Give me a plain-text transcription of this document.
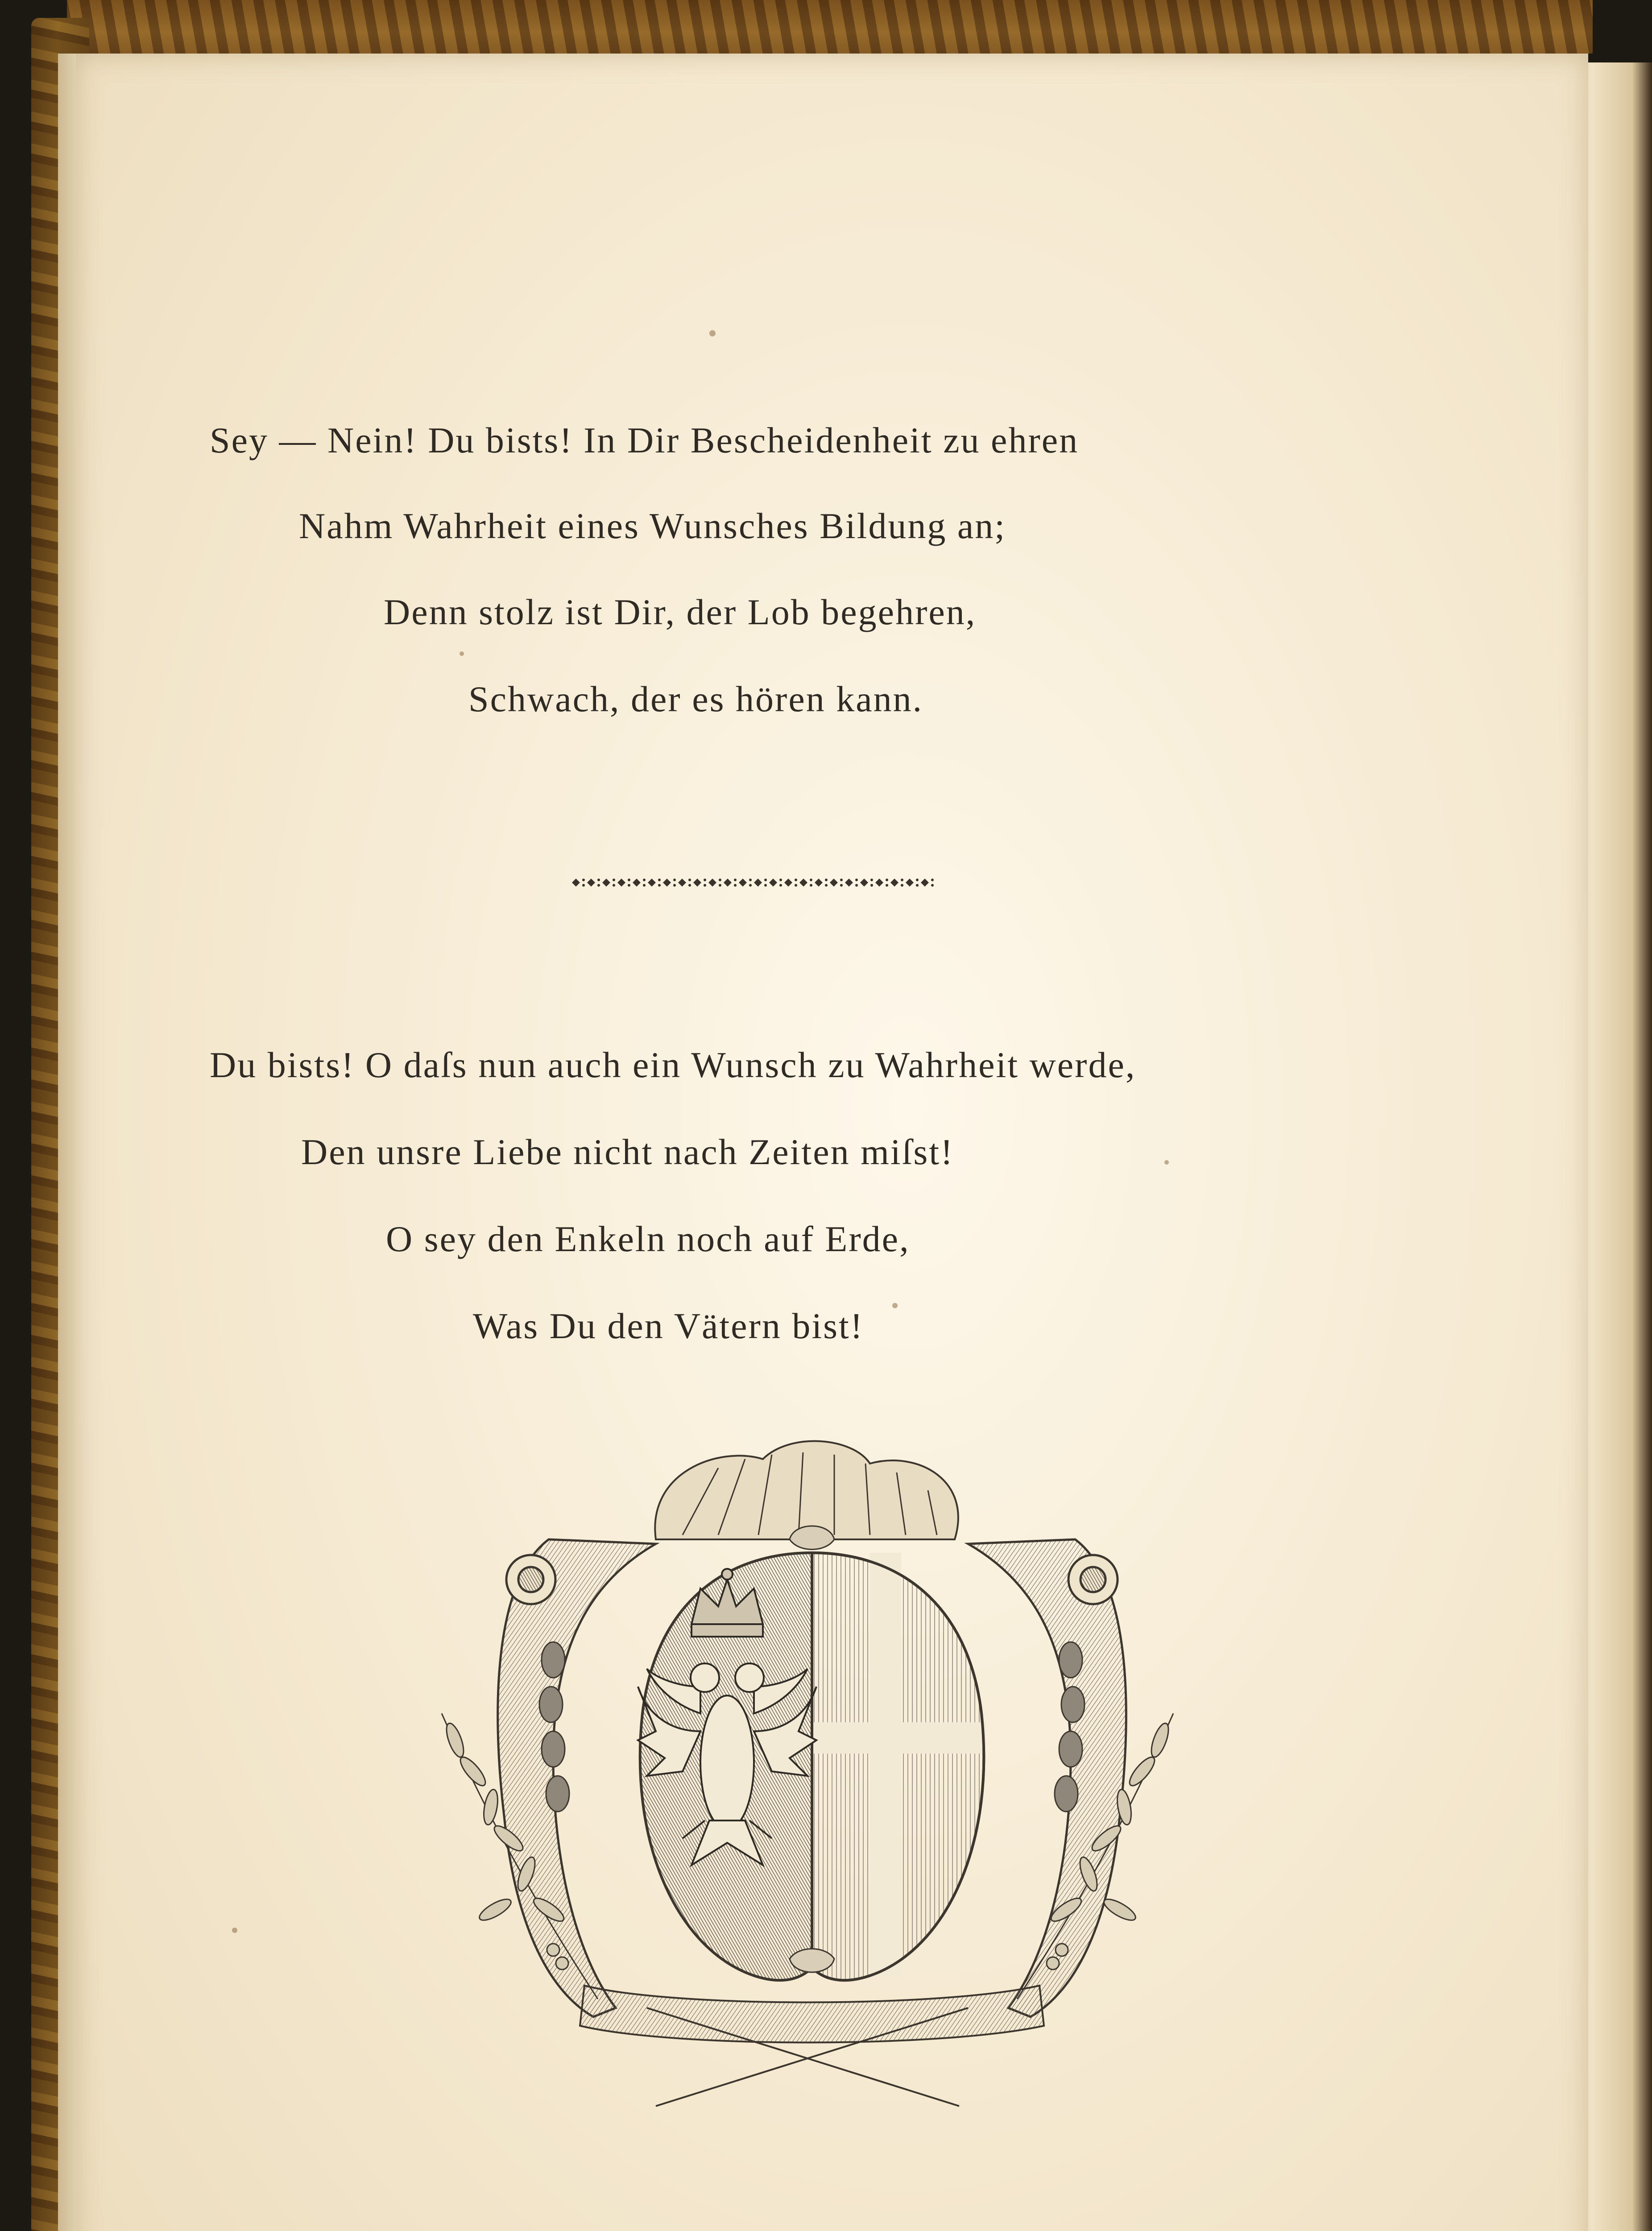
Sey — Nein! Du bists! In Dir Bescheidenheit zu ehren
Nahm Wahrheit eines Wunsches Bildung an;
Denn stolz ist Dir, der Lob begehren,
Schwach, der es hören kann.
Du bists! O daſs nun auch ein Wunsch zu Wahrheit werde,
Den unsre Liebe nicht nach Zeiten miſst!
O sey den Enkeln noch auf Erde,
Was Du den Vätern bist!
